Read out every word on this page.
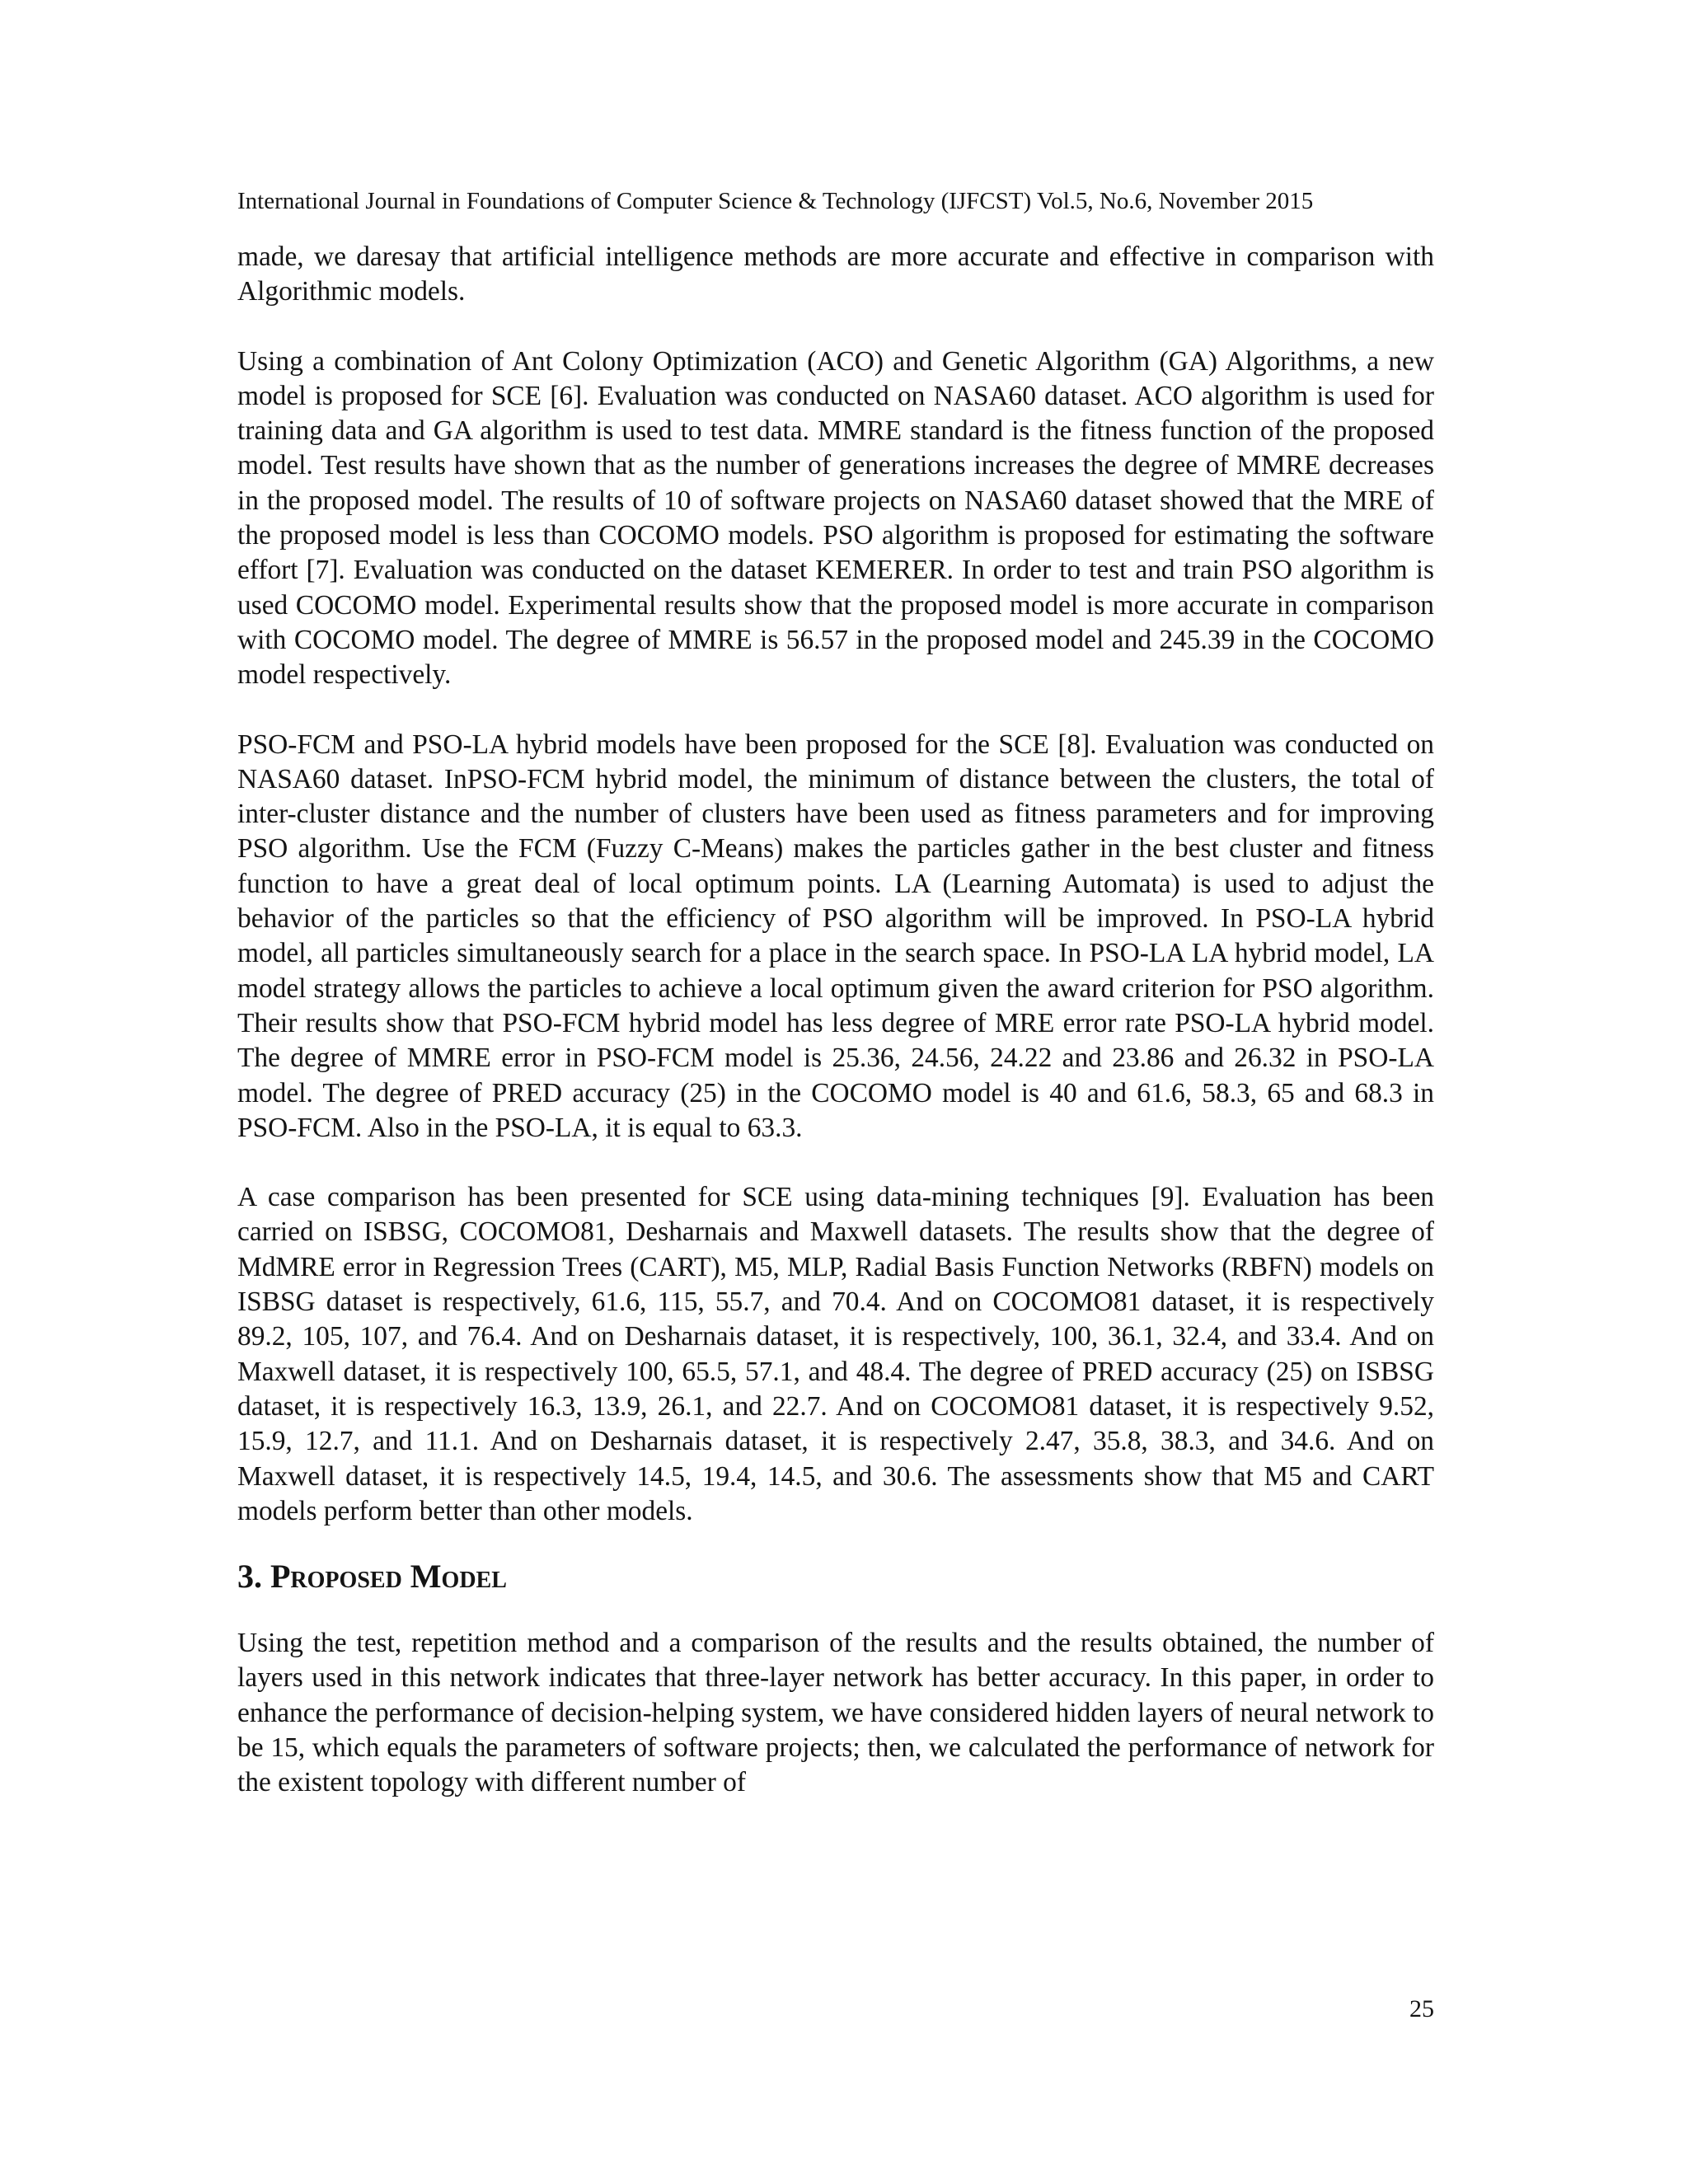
International Journal in Foundations of Computer Science & Technology (IJFCST) Vol.5, No.6, November 2015

made, we daresay that artificial intelligence methods are more accurate and effective in comparison with Algorithmic models.

Using a combination of Ant Colony Optimization (ACO) and Genetic Algorithm (GA) Algorithms, a new model is proposed for SCE [6]. Evaluation was conducted on NASA60 dataset. ACO algorithm is used for training data and GA algorithm is used to test data. MMRE standard is the fitness function of the proposed model. Test results have shown that as the number of generations increases the degree of MMRE decreases in the proposed model. The results of 10 of software projects on NASA60 dataset showed that the MRE of the proposed model is less than COCOMO models. PSO algorithm is proposed for estimating the software effort [7]. Evaluation was conducted on the dataset KEMERER. In order to test and train PSO algorithm is used COCOMO model. Experimental results show that the proposed model is more accurate in comparison with COCOMO model. The degree of MMRE is 56.57 in the proposed model and 245.39 in the COCOMO model respectively.

PSO-FCM and PSO-LA hybrid models have been proposed for the SCE [8]. Evaluation was conducted on NASA60 dataset. InPSO-FCM hybrid model, the minimum of distance between the clusters, the total of inter-cluster distance and the number of clusters have been used as fitness parameters and for improving PSO algorithm. Use the FCM (Fuzzy C-Means) makes the particles gather in the best cluster and fitness function to have a great deal of local optimum points. LA (Learning Automata) is used to adjust the behavior of the particles so that the efficiency of PSO algorithm will be improved. In PSO-LA hybrid model, all particles simultaneously search for a place in the search space. In PSO-LA LA hybrid model, LA model strategy allows the particles to achieve a local optimum given the award criterion for PSO algorithm. Their results show that PSO-FCM hybrid model has less degree of MRE error rate PSO-LA hybrid model. The degree of MMRE error in PSO-FCM model is 25.36, 24.56, 24.22 and 23.86 and 26.32 in PSO-LA model. The degree of PRED accuracy (25) in the COCOMO model is 40 and 61.6, 58.3, 65 and 68.3 in PSO-FCM. Also in the PSO-LA, it is equal to 63.3.

A case comparison has been presented for SCE using data-mining techniques [9]. Evaluation has been carried on ISBSG, COCOMO81, Desharnais and Maxwell datasets. The results show that the degree of MdMRE error in Regression Trees (CART), M5, MLP, Radial Basis Function Networks (RBFN) models on ISBSG dataset is respectively, 61.6, 115, 55.7, and 70.4. And on COCOMO81 dataset, it is respectively 89.2, 105, 107, and 76.4. And on Desharnais dataset, it is respectively, 100, 36.1, 32.4, and 33.4. And on Maxwell dataset, it is respectively 100, 65.5, 57.1, and 48.4. The degree of PRED accuracy (25) on ISBSG dataset, it is respectively 16.3, 13.9, 26.1, and 22.7. And on COCOMO81 dataset, it is respectively 9.52, 15.9, 12.7, and 11.1. And on Desharnais dataset, it is respectively 2.47, 35.8, 38.3, and 34.6. And on Maxwell dataset, it is respectively 14.5, 19.4, 14.5, and 30.6. The assessments show that M5 and CART models perform better than other models.

3. Proposed Model

Using the test, repetition method and a comparison of the results and the results obtained, the number of layers used in this network indicates that three-layer network has better accuracy. In this paper, in order to enhance the performance of decision-helping system, we have considered hidden layers of neural network to be 15, which equals the parameters of software projects; then, we calculated the performance of network for the existent topology with different number of

25
